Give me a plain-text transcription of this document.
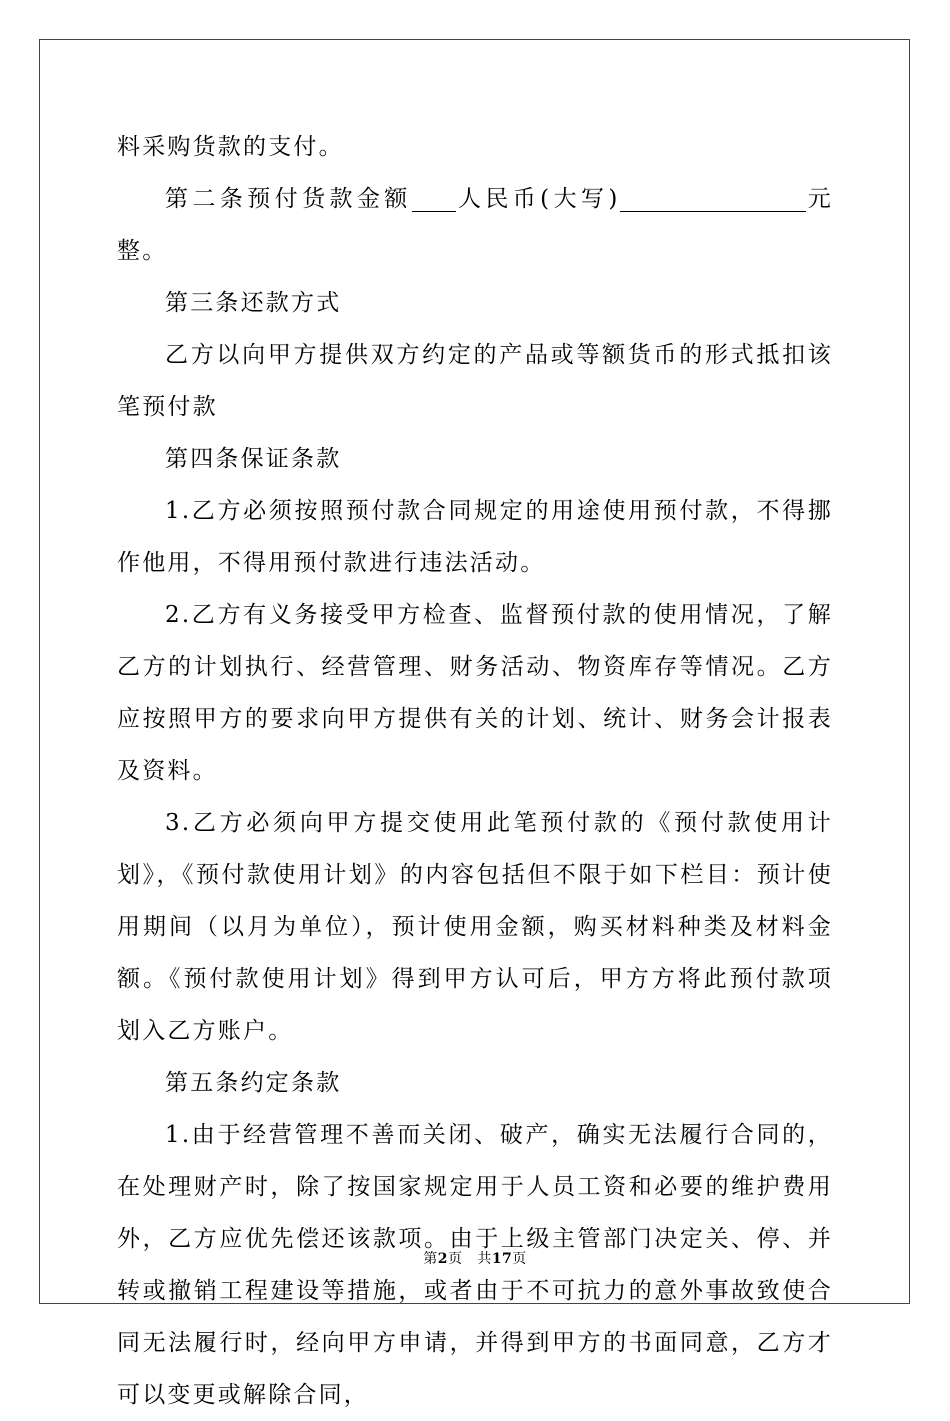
料采购货款的支付。

第二条预付货款金额 人民币(大写)	元整。

第三条还款方式

乙方以向甲方提供双方约定的产品或等额货币的形式抵扣该笔预付款

第四条保证条款

1.乙方必须按照预付款合同规定的用途使用预付款，不得挪作他用，不得用预付款进行违法活动。

2.乙方有义务接受甲方检查、监督预付款的使用情况，了解乙方的计划执行、经营管理、财务活动、物资库存等情况。乙方应按照甲方的要求向甲方提供有关的计划、统计、财务会计报表及资料。

3.乙方必须向甲方提交使用此笔预付款的《预付款使用计划》，《预付款使用计划》的内容包括但不限于如下栏目：预计使用期间（以月为单位），预计使用金额，购买材料种类及材料金额。《预付款使用计划》得到甲方认可后，甲方方将此预付款项划入乙方账户。

第五条约定条款

1.由于经营管理不善而关闭、破产，确实无法履行合同的，在处理财产时，除了按国家规定用于人员工资和必要的维护费用外，乙方应优先偿还该款项。由于上级主管部门决定关、停、并转或撤销工程建设等措施，或者由于不可抗力的意外事故致使合同无法履行时，经向甲方申请，并得到甲方的书面同意，乙方才可以变更或解除合同，

第2页 共17页
